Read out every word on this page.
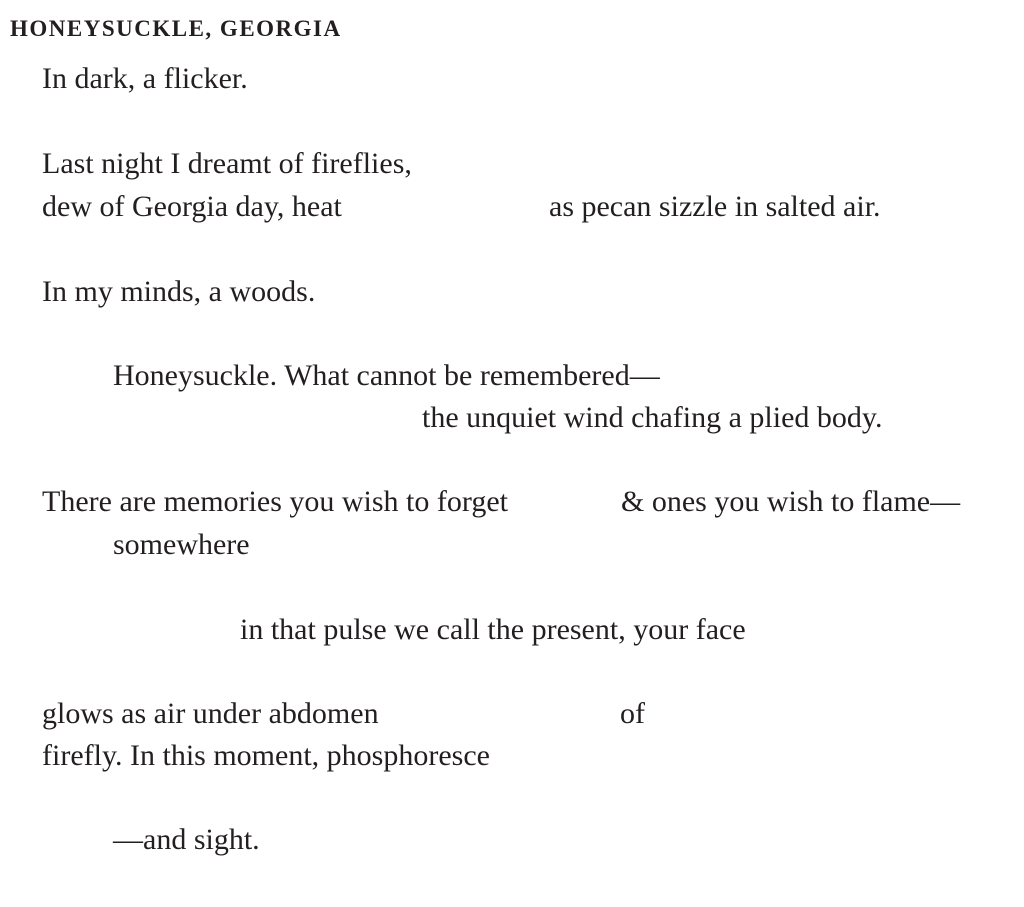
HONEYSUCKLE, GEORGIA

In dark, a flicker.

Last night I dreamt of fireflies,

dew of Georgia day, heat	as pecan sizzle in salted air.

In my minds, a woods.

Honeysuckle. What cannot be remembered—

the unquiet wind chafing a plied body.

There are memories you wish to forget	& ones you wish to flame—

somewhere

in that pulse we call the present, your face

glows as air under abdomen	of

firefly. In this moment, phosphoresce

—and sight.
